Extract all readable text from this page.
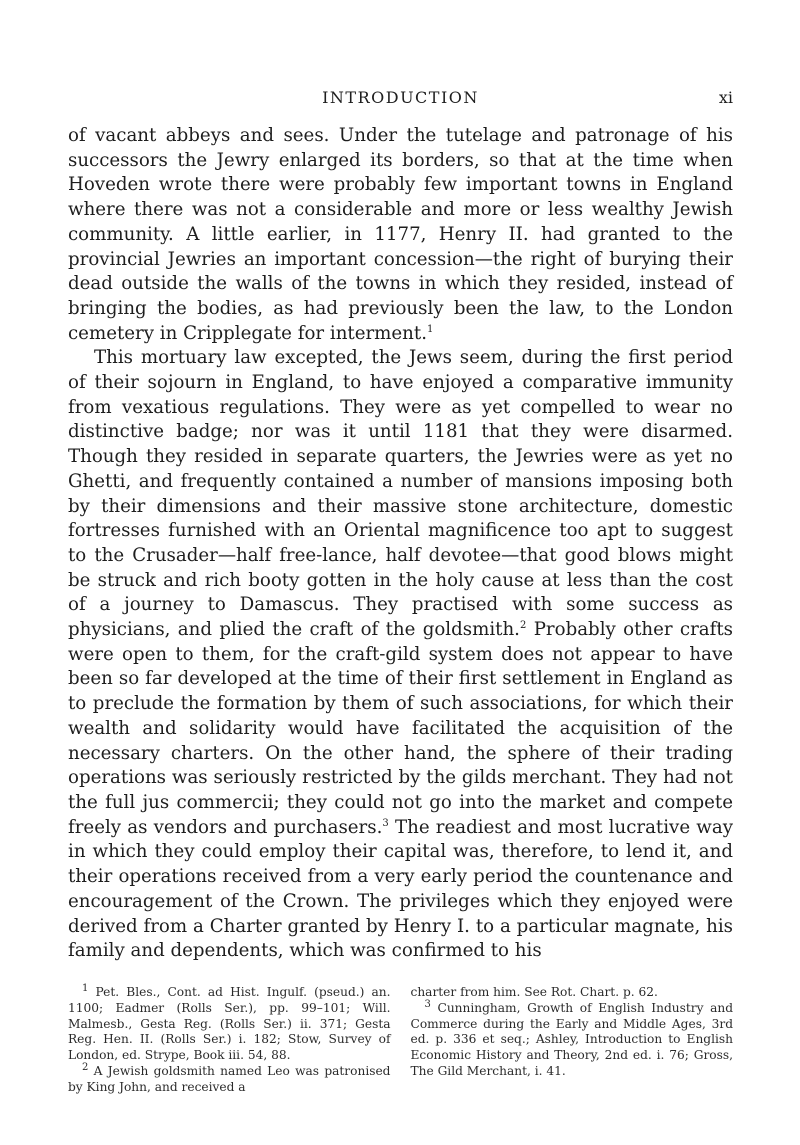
INTRODUCTION	xi

of vacant abbeys and sees. Under the tutelage and patronage of his successors the Jewry enlarged its borders, so that at the time when Hoveden wrote there were probably few important towns in England where there was not a considerable and more or less wealthy Jewish community. A little earlier, in 1177, Henry II. had granted to the provincial Jewries an important concession—the right of burying their dead outside the walls of the towns in which they resided, instead of bringing the bodies, as had previously been the law, to the London cemetery in Cripplegate for interment.$^1$

This mortuary law excepted, the Jews seem, during the first period of their sojourn in England, to have enjoyed a comparative immunity from vexatious regulations. They were as yet compelled to wear no distinctive badge; nor was it until 1181 that they were disarmed. Though they resided in separate quarters, the Jewries were as yet no Ghetti, and frequently contained a number of mansions imposing both by their dimensions and their massive stone architecture, domestic fortresses furnished with an Oriental magnificence too apt to suggest to the Crusader—half free-lance, half devotee—that good blows might be struck and rich booty gotten in the holy cause at less than the cost of a journey to Damascus. They practised with some success as physicians, and plied the craft of the goldsmith.$^2$ Probably other crafts were open to them, for the craft-gild system does not appear to have been so far developed at the time of their first settlement in England as to preclude the formation by them of such associations, for which their wealth and solidarity would have facilitated the acquisition of the necessary charters. On the other hand, the sphere of their trading operations was seriously restricted by the gilds merchant. They had not the full jus commercii; they could not go into the market and compete freely as vendors and purchasers.$^3$ The readiest and most lucrative way in which they could employ their capital was, therefore, to lend it, and their operations received from a very early period the countenance and encouragement of the Crown. The privileges which they enjoyed were derived from a Charter granted by Henry I. to a particular magnate, his family and dependents, which was confirmed to his

$^1$ Pet. Bles., Cont. ad Hist. Ingulf. (pseud.) an. 1100; Eadmer (Rolls Ser.), pp. 99–101; Will. Malmesb., Gesta Reg. (Rolls Ser.) ii. 371; Gesta Reg. Hen. II. (Rolls Ser.) i. 182; Stow, Survey of London, ed. Strype, Book iii. 54, 88.

$^2$ A Jewish goldsmith named Leo was patronised by King John, and received a

charter from him. See Rot. Chart. p. 62.

$^3$ Cunningham, Growth of English Industry and Commerce during the Early and Middle Ages, 3rd ed. p. 336 et seq.; Ashley, Introduction to English Economic History and Theory, 2nd ed. i. 76; Gross, The Gild Merchant, i. 41.
